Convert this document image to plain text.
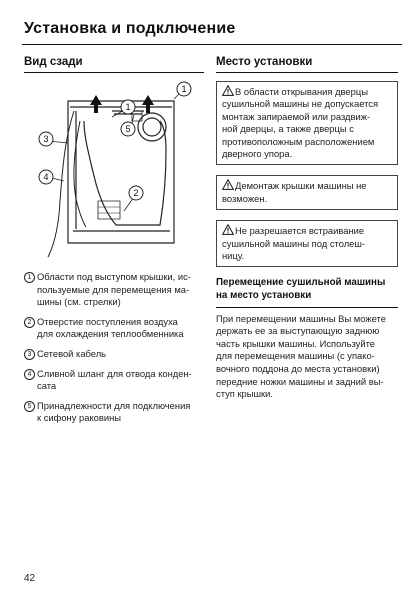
Установка и подключение
Вид сзади
1
1
2
3
4
5
1 Области под выступом крышки, ис-
пользуемые для перемещения ма-
шины (см. стрелки)
2 Отверстие поступления воздуха
для охлаждения теплообменника
3 Сетевой кабель
4 Сливной шланг для отвода конден-
сата
5 Принадлежности для подключения
к сифону раковины
Место установки
В области открывания дверцы
сушильной машины не допускается
монтаж запираемой или раздвиж-
ной дверцы, а также дверцы с
противоположным расположением
дверного упора.
Демонтаж крышки машины не
возможен.
Не разрешается встраивание
сушильной машины под столеш-
ницу.
Перемещение сушильной машины
на место установки
При перемещении машины Вы можете
держать ее за выступающую заднюю
часть крышки машины. Используйте
для перемещения машины (с упако-
вочного поддона до места установки)
передние ножки машины и задний вы-
ступ крышки.
42
